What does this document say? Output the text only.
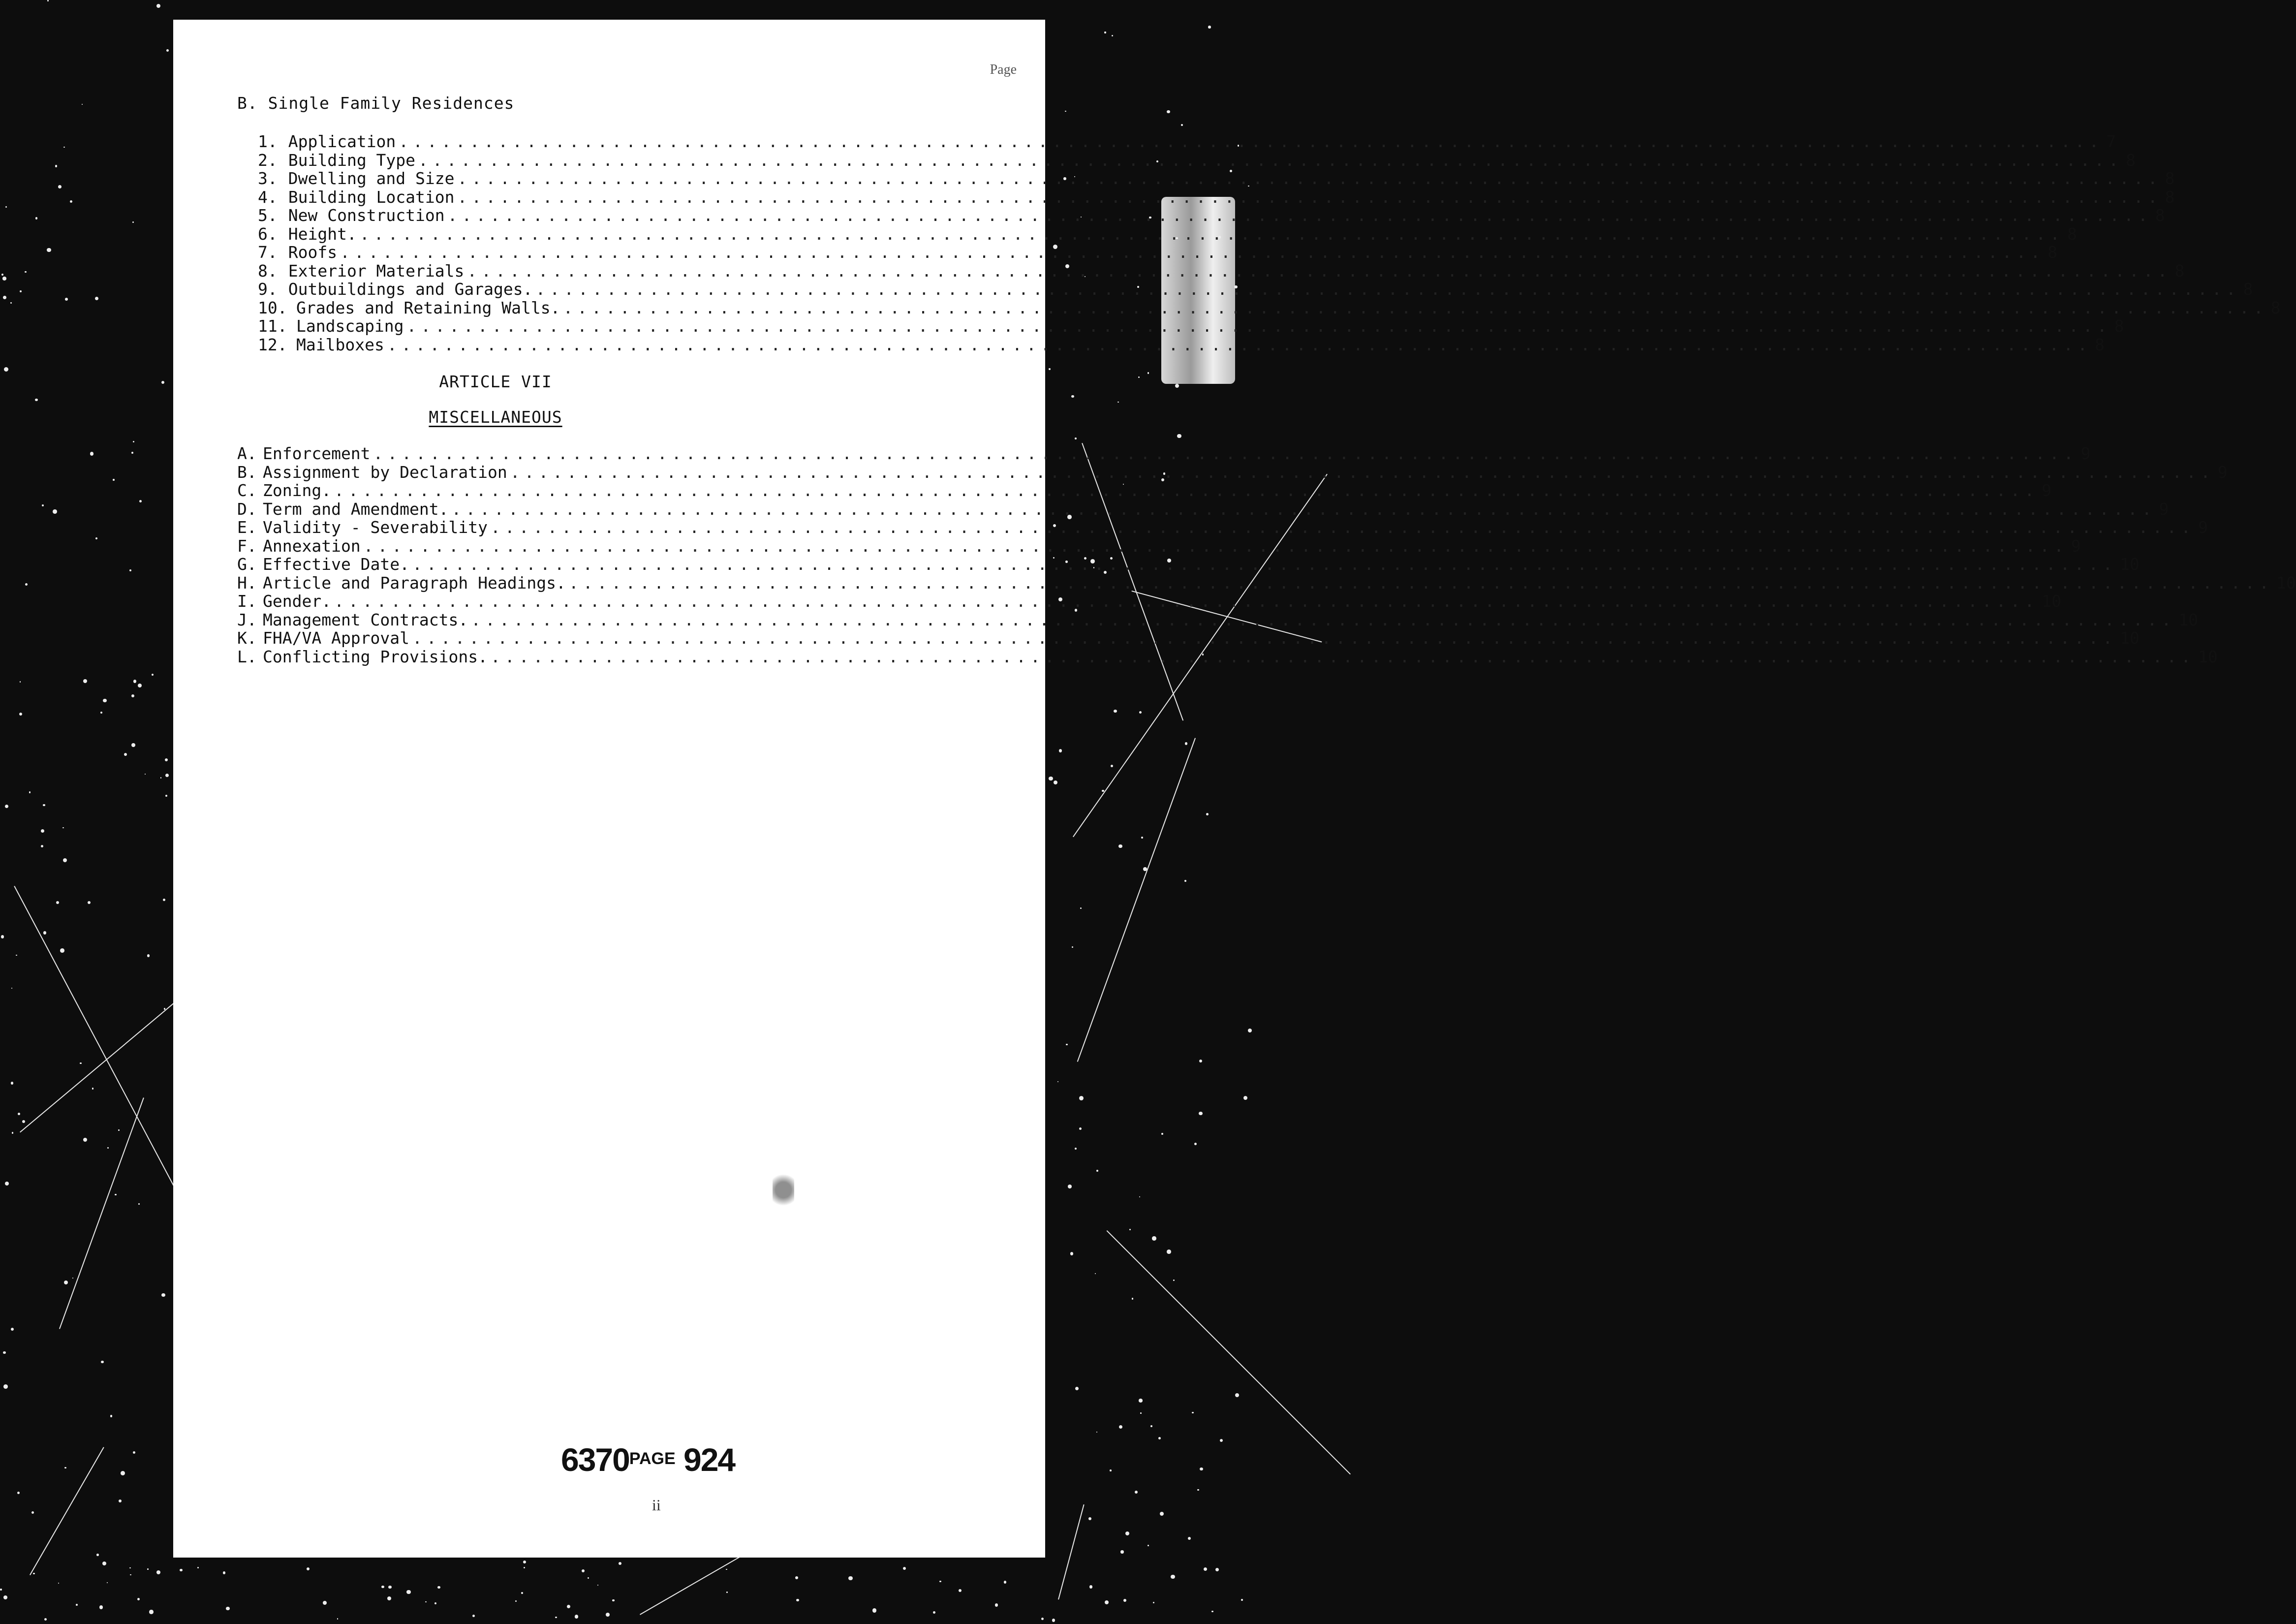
Page
B. Single Family Residences
1. Application ........................................................................................................................ 7
2. Building Type ........................................................................................................................ 8
3. Dwelling and Size ........................................................................................................................ 8
4. Building Location ........................................................................................................................ 8
5. New Construction ........................................................................................................................ 8
6. Height. ........................................................................................................................ 8
7. Roofs ........................................................................................................................ 8
8. Exterior Materials ........................................................................................................................ 8
9. Outbuildings and Garages. ........................................................................................................................ 8
10. Grades and Retaining Walls. ........................................................................................................................ 8
11. Landscaping ........................................................................................................................ 8
12. Mailboxes ........................................................................................................................ 8
ARTICLE VII
MISCELLANEOUS
A. Enforcement ........................................................................................................................ 9
B. Assignment by Declaration ........................................................................................................................ 9
C. Zoning. ........................................................................................................................ 9
D. Term and Amendment. ........................................................................................................................ 9
E. Validity - Severability ........................................................................................................................ 9
F. Annexation ........................................................................................................................ 9
G. Effective Date. ........................................................................................................................ 10
H. Article and Paragraph Headings. ........................................................................................................................ 10
I. Gender. ........................................................................................................................ 10
J. Management Contracts. ........................................................................................................................ 10
K. FHA/VA Approval ........................................................................................................................ 10
L. Conflicting Provisions. ........................................................................................................................ 10
$6370^{PAGE}$ 924
ii
